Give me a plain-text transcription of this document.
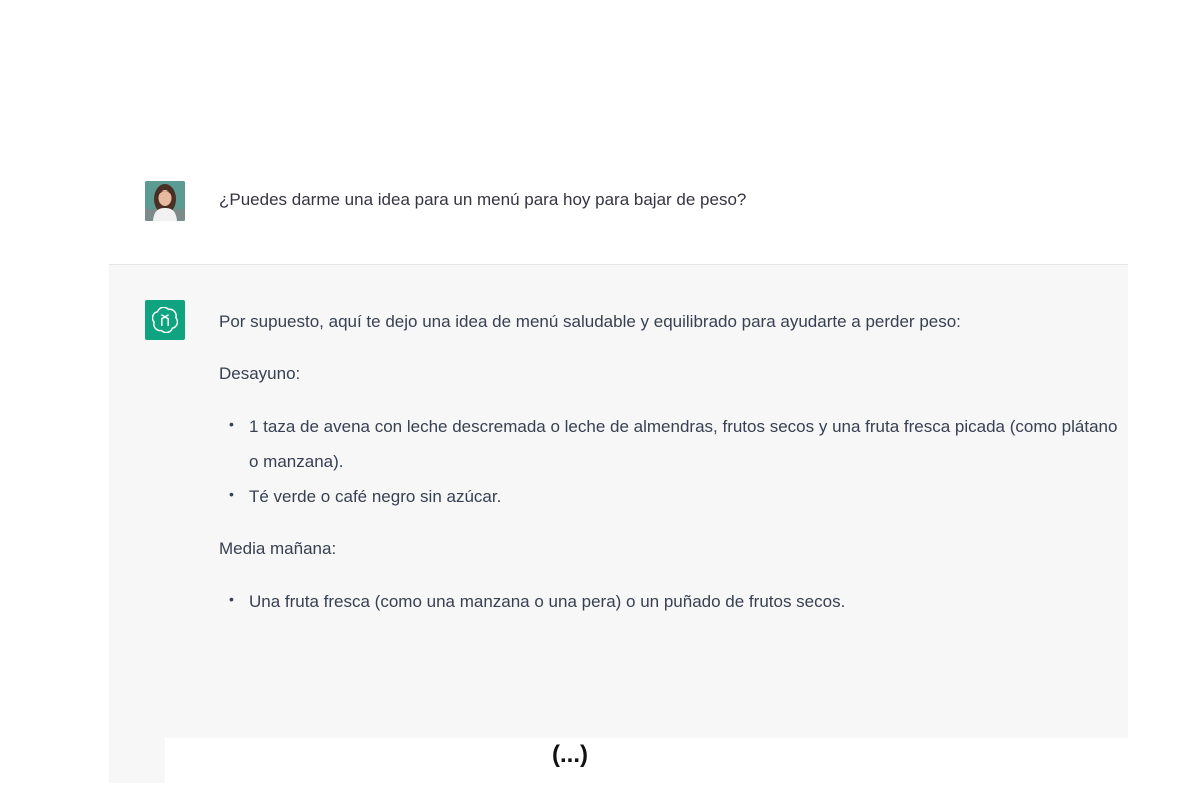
¿Puedes darme una idea para un menú para hoy para bajar de peso?

Por supuesto, aquí te dejo una idea de menú saludable y equilibrado para ayudarte a perder peso:

Desayuno:

• 1 taza de avena con leche descremada o leche de almendras, frutos secos y una fruta fresca picada (como plátano o manzana).
• Té verde o café negro sin azúcar.

Media mañana:

• Una fruta fresca (como una manzana o una pera) o un puñado de frutos secos.
(...)
